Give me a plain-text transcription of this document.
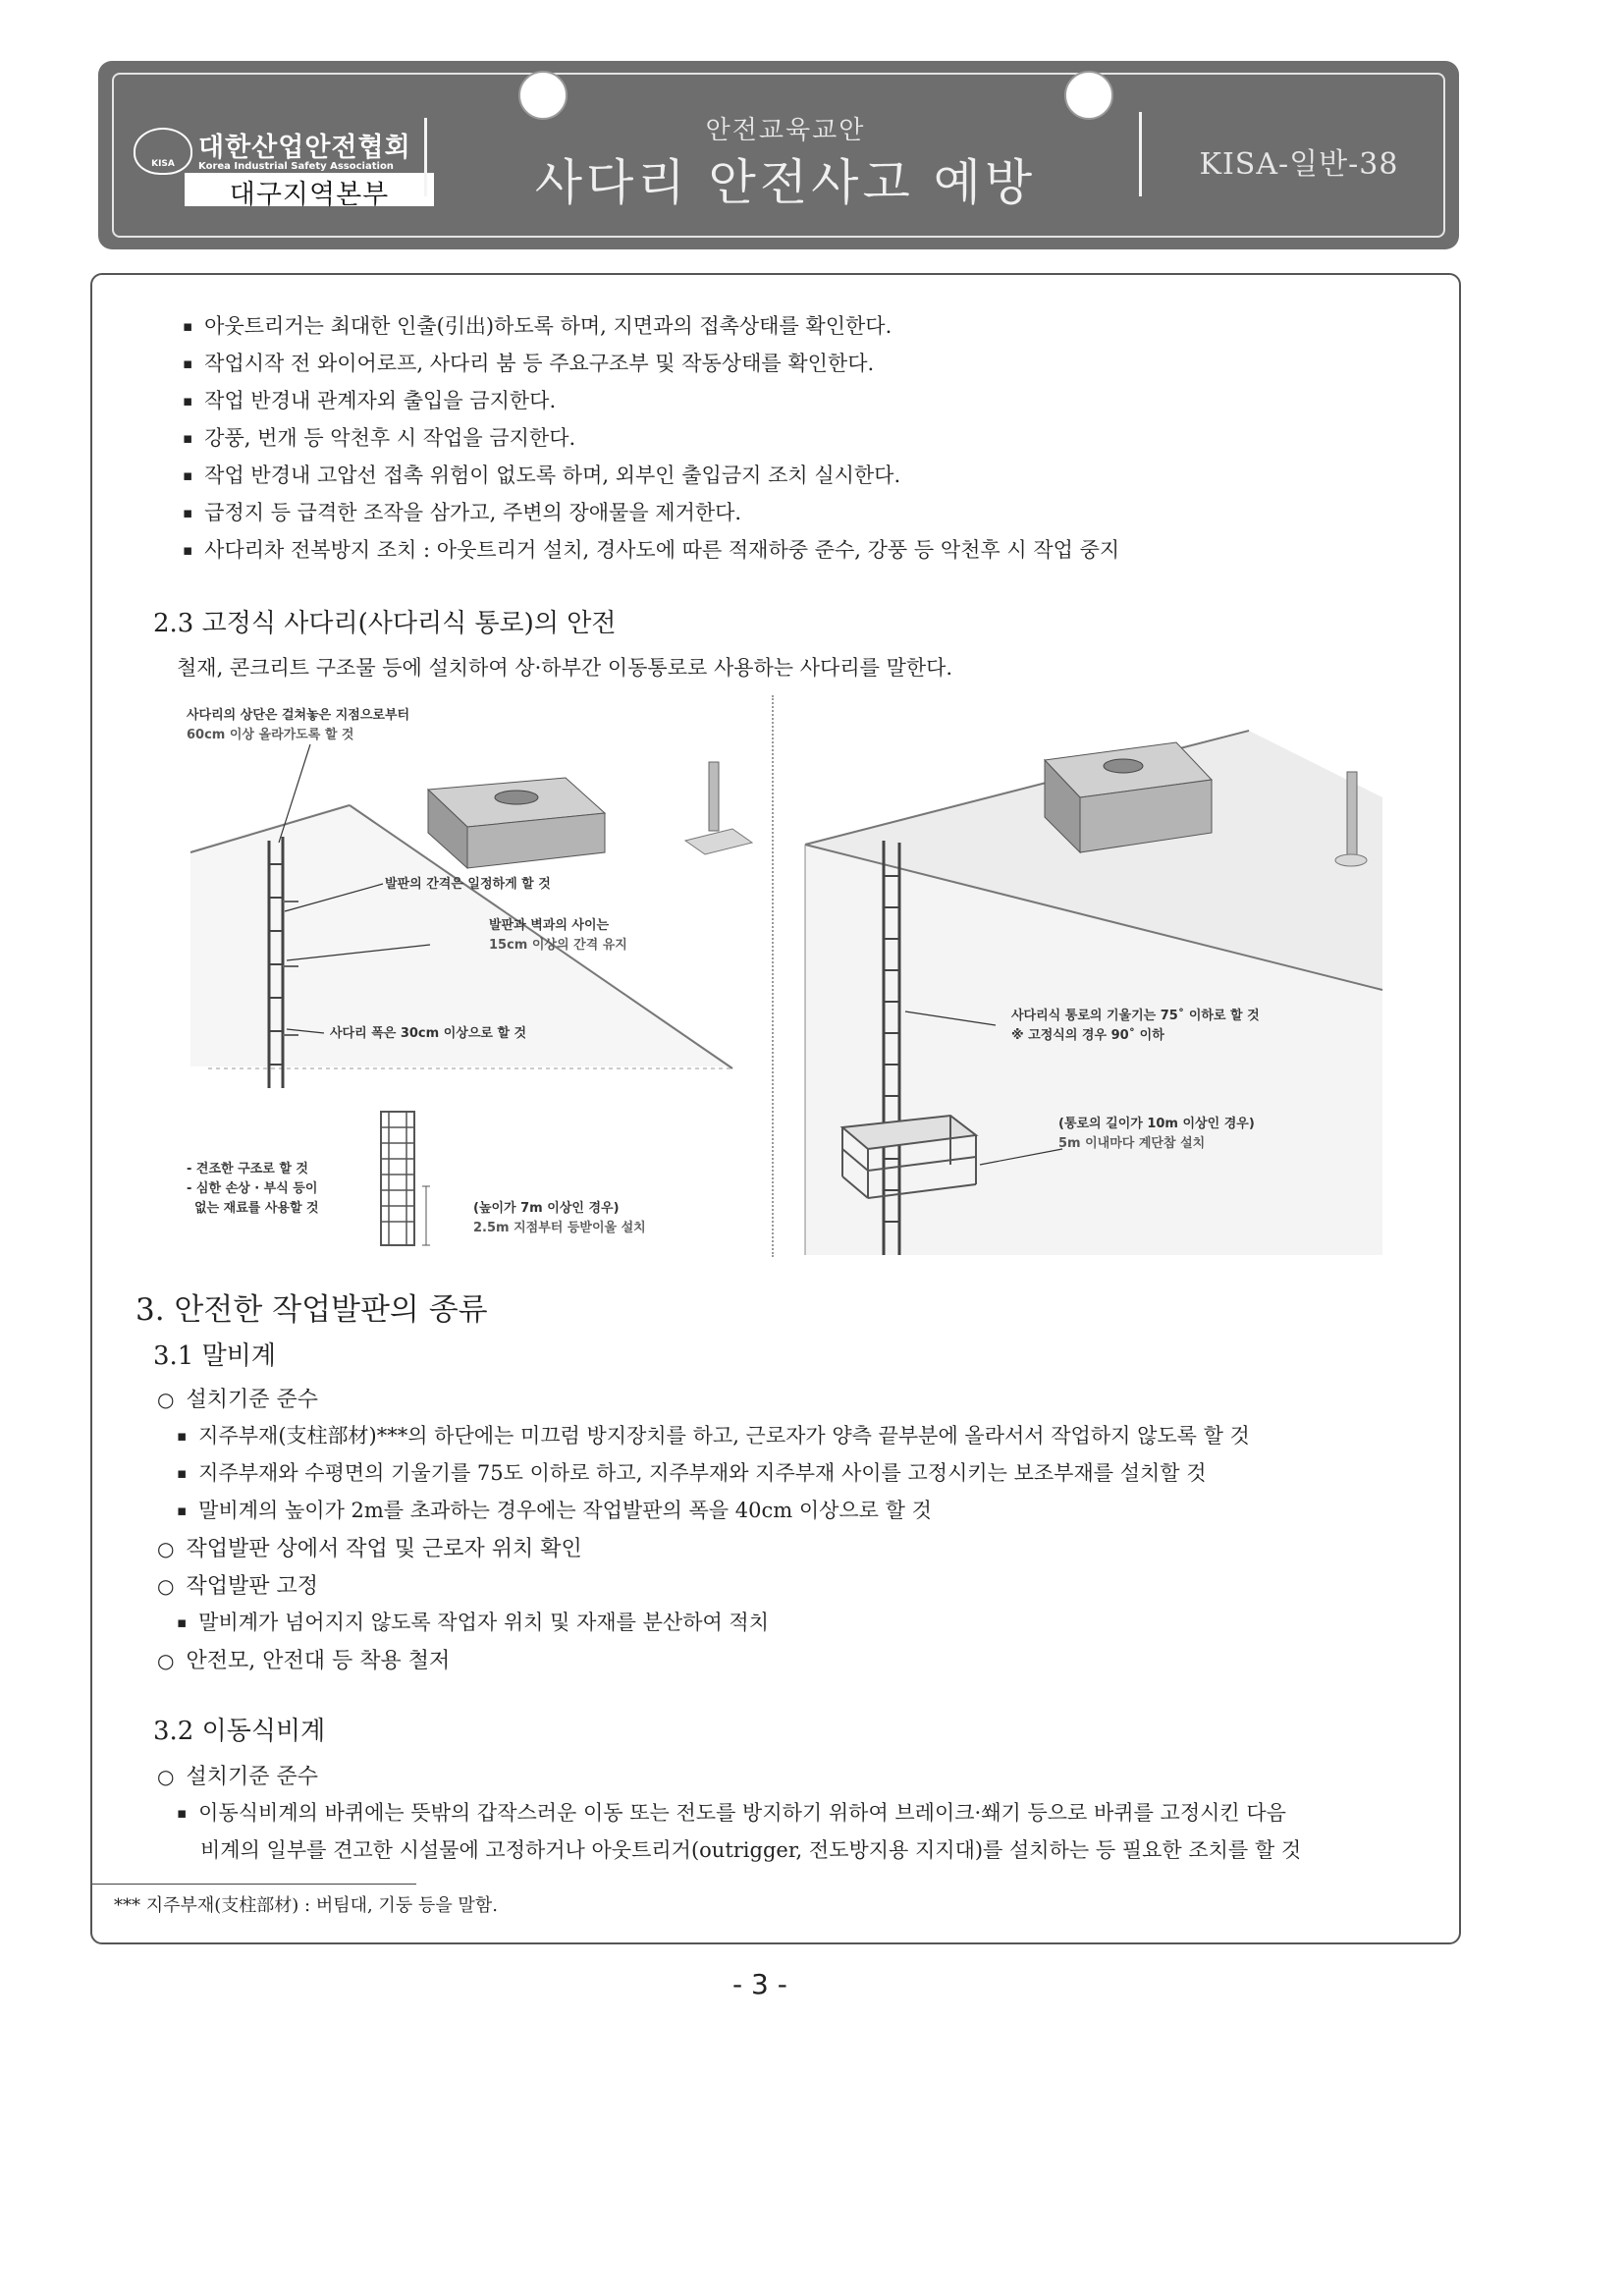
KISA
대한산업안전협회
Korea Industrial Safety Association
대구지역본부
안전교육교안
사다리 안전사고 예방	KISA-일반-38
▪ 아웃트리거는 최대한 인출(引出)하도록 하며, 지면과의 접촉상태를 확인한다.
▪ 작업시작 전 와이어로프, 사다리 붐 등 주요구조부 및 작동상태를 확인한다.
▪ 작업 반경내 관계자외 출입을 금지한다.
▪ 강풍, 번개 등 악천후 시 작업을 금지한다.
▪ 작업 반경내 고압선 접촉 위험이 없도록 하며, 외부인 출입금지 조치 실시한다.
▪ 급정지 등 급격한 조작을 삼가고, 주변의 장애물을 제거한다.
▪ 사다리차 전복방지 조치 : 아웃트리거 설치, 경사도에 따른 적재하중 준수, 강풍 등 악천후 시 작업 중지
2.3 고정식 사다리(사다리식 통로)의 안전
철재, 콘크리트 구조물 등에 설치하여 상·하부간 이동통로로 사용하는 사다리를 말한다.
사다리의 상단은 걸쳐놓은 지점으로부터
60cm 이상 올라가도록 할 것
발판의 간격은 일정하게 할 것
발판과 벽과의 사이는
15cm 이상의 간격 유지
사다리 폭은 30cm 이상으로 할 것
- 견조한 구조로 할 것
- 심한 손상 · 부식 등이
없는 재료를 사용할 것	(높이가 7m 이상인 경우)
2.5m 지점부터 등받이울 설치
사다리식 통로의 기울기는 75˚ 이하로 할 것
※ 고정식의 경우 90˚ 이하
(통로의 길이가 10m 이상인 경우)
5m 이내마다 계단참 설치
3. 안전한 작업발판의 종류
3.1 말비계
○ 설치기준 준수
▪ 지주부재(支柱部材)***의 하단에는 미끄럼 방지장치를 하고, 근로자가 양측 끝부분에 올라서서 작업하지 않도록 할 것
▪ 지주부재와 수평면의 기울기를 75도 이하로 하고, 지주부재와 지주부재 사이를 고정시키는 보조부재를 설치할 것
▪ 말비계의 높이가 2m를 초과하는 경우에는 작업발판의 폭을 40cm 이상으로 할 것
○ 작업발판 상에서 작업 및 근로자 위치 확인
○ 작업발판 고정
▪ 말비계가 넘어지지 않도록 작업자 위치 및 자재를 분산하여 적치
○ 안전모, 안전대 등 착용 철저
3.2 이동식비계
○ 설치기준 준수
▪ 이동식비계의 바퀴에는 뜻밖의 갑작스러운 이동 또는 전도를 방지하기 위하여 브레이크·쐐기 등으로 바퀴를 고정시킨 다음
비계의 일부를 견고한 시설물에 고정하거나 아웃트리거(outrigger, 전도방지용 지지대)를 설치하는 등 필요한 조치를 할 것
*** 지주부재(支柱部材) : 버팀대, 기둥 등을 말함.
- 3 -
